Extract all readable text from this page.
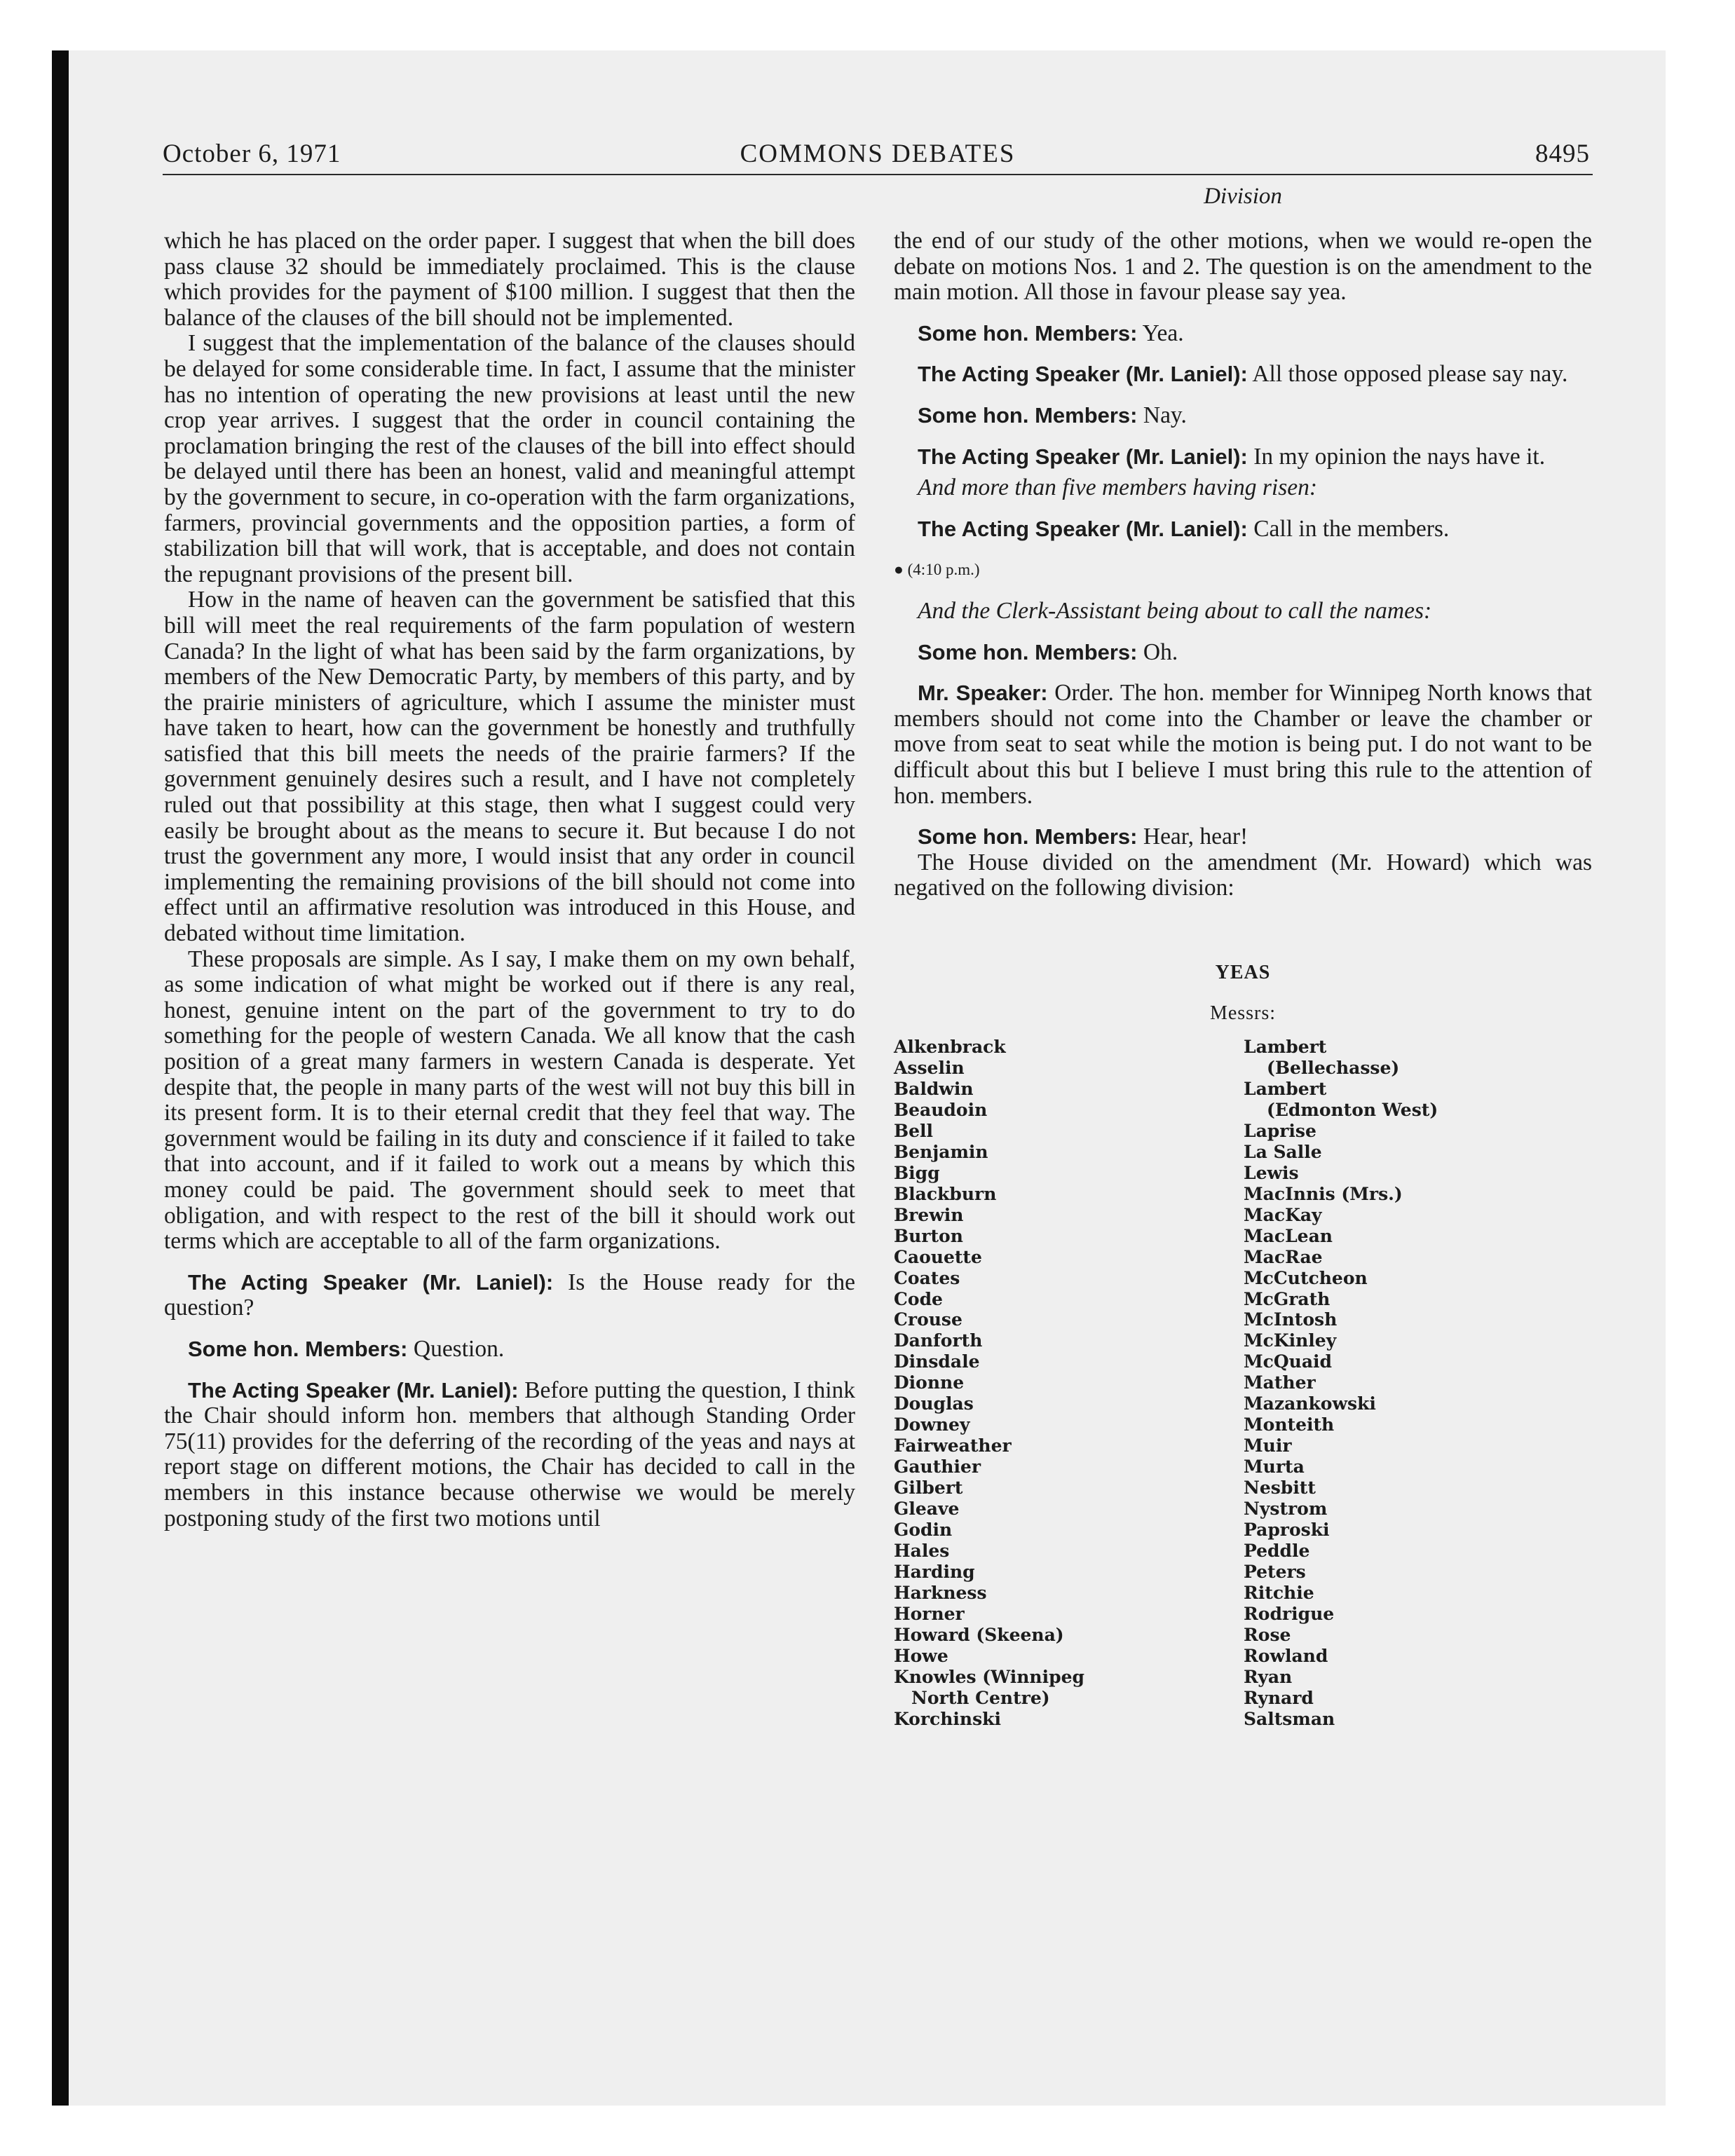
COMMONS DEBATES
October 6, 1971	8495
Division

which he has placed on the order paper. I suggest that when the bill does pass clause 32 should be immediately proclaimed. This is the clause which provides for the payment of $100 million. I suggest that then the balance of the clauses of the bill should not be implemented.

I suggest that the implementation of the balance of the clauses should be delayed for some considerable time. In fact, I assume that the minister has no intention of operating the new provisions at least until the new crop year arrives. I suggest that the order in council containing the proclamation bringing the rest of the clauses of the bill into effect should be delayed until there has been an honest, valid and meaningful attempt by the government to secure, in co-operation with the farm organizations, farmers, provincial governments and the opposition parties, a form of stabilization bill that will work, that is acceptable, and does not contain the repugnant provisions of the present bill.

How in the name of heaven can the government be satisfied that this bill will meet the real requirements of the farm population of western Canada? In the light of what has been said by the farm organizations, by members of the New Democratic Party, by members of this party, and by the prairie ministers of agriculture, which I assume the minister must have taken to heart, how can the government be honestly and truthfully satisfied that this bill meets the needs of the prairie farmers? If the government genuinely desires such a result, and I have not completely ruled out that possibility at this stage, then what I suggest could very easily be brought about as the means to secure it. But because I do not trust the government any more, I would insist that any order in council implementing the remaining provisions of the bill should not come into effect until an affirmative resolution was introduced in this House, and debated without time limitation.

These proposals are simple. As I say, I make them on my own behalf, as some indication of what might be worked out if there is any real, honest, genuine intent on the part of the government to try to do something for the people of western Canada. We all know that the cash position of a great many farmers in western Canada is desperate. Yet despite that, the people in many parts of the west will not buy this bill in its present form. It is to their eternal credit that they feel that way. The government would be failing in its duty and conscience if it failed to take that into account, and if it failed to work out a means by which this money could be paid. The government should seek to meet that obligation, and with respect to the rest of the bill it should work out terms which are acceptable to all of the farm organizations.

The Acting Speaker (Mr. Laniel): Is the House ready for the question?

Some hon. Members: Question.

The Acting Speaker (Mr. Laniel): Before putting the question, I think the Chair should inform hon. members that although Standing Order 75(11) provides for the deferring of the recording of the yeas and nays at report stage on different motions, the Chair has decided to call in the members in this instance because otherwise we would be merely postponing study of the first two motions until

the end of our study of the other motions, when we would re-open the debate on motions Nos. 1 and 2. The question is on the amendment to the main motion. All those in favour please say yea.

Some hon. Members: Yea.

The Acting Speaker (Mr. Laniel): All those opposed please say nay.

Some hon. Members: Nay.

The Acting Speaker (Mr. Laniel): In my opinion the nays have it.

And more than five members having risen:

The Acting Speaker (Mr. Laniel): Call in the members.

● (4:10 p.m.)

And the Clerk-Assistant being about to call the names:

Some hon. Members: Oh.

Mr. Speaker: Order. The hon. member for Winnipeg North knows that members should not come into the Chamber or leave the chamber or move from seat to seat while the motion is being put. I do not want to be difficult about this but I believe I must bring this rule to the attention of hon. members.

Some hon. Members: Hear, hear!

The House divided on the amendment (Mr. Howard) which was negatived on the following division:

YEAS
Messrs:
Alkenbrack
Asselin
Baldwin
Beaudoin
Bell
Benjamin
Bigg
Blackburn
Brewin
Burton
Caouette
Coates
Code
Crouse
Danforth
Dinsdale
Dionne
Douglas
Downey
Fairweather
Gauthier
Gilbert
Gleave
Godin
Hales
Harding
Harkness
Horner
Howard (Skeena)
Howe
Knowles (Winnipeg
North Centre)
Korchinski
Lambert
(Bellechasse)
Lambert
(Edmonton West)
Laprise
La Salle
Lewis
MacInnis (Mrs.)
MacKay
MacLean
MacRae
McCutcheon
McGrath
McIntosh
McKinley
McQuaid
Mather
Mazankowski
Monteith
Muir
Murta
Nesbitt
Nystrom
Paproski
Peddle
Peters
Ritchie
Rodrigue
Rose
Rowland
Ryan
Rynard
Saltsman
